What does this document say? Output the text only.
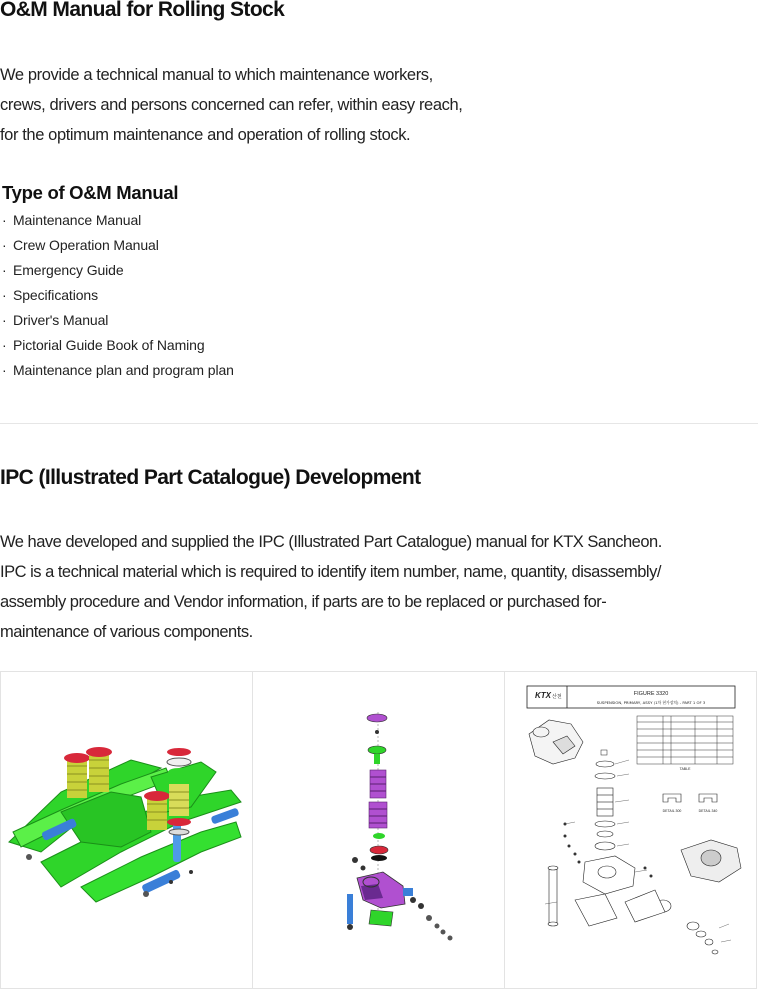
O&M Manual for Rolling Stock

We provide a technical manual to which maintenance workers,
crews, drivers and persons concerned can refer, within easy reach,
for the optimum maintenance and operation of rolling stock.

Type of O&M Manual
· Maintenance Manual
· Crew Operation Manual
· Emergency Guide
· Specifications
· Driver's Manual
· Pictorial Guide Book of Naming
· Maintenance plan and program plan
IPC (Illustrated Part Catalogue) Development

We have developed and supplied the IPC (Illustrated Part Catalogue) manual for KTX Sancheon.
IPC is a technical material which is required to identify item number, name, quantity, disassembly/
assembly procedure and Vendor information, if parts are to be replaced or purchased for-
maintenance of various components.

KTX 산천	FIGURE 3320
SUSPENSION, PRIMARY, ASSY (1차 현가장치) - PART 1 OF 3
TABLE
DETAIL 300	DETAIL 340
